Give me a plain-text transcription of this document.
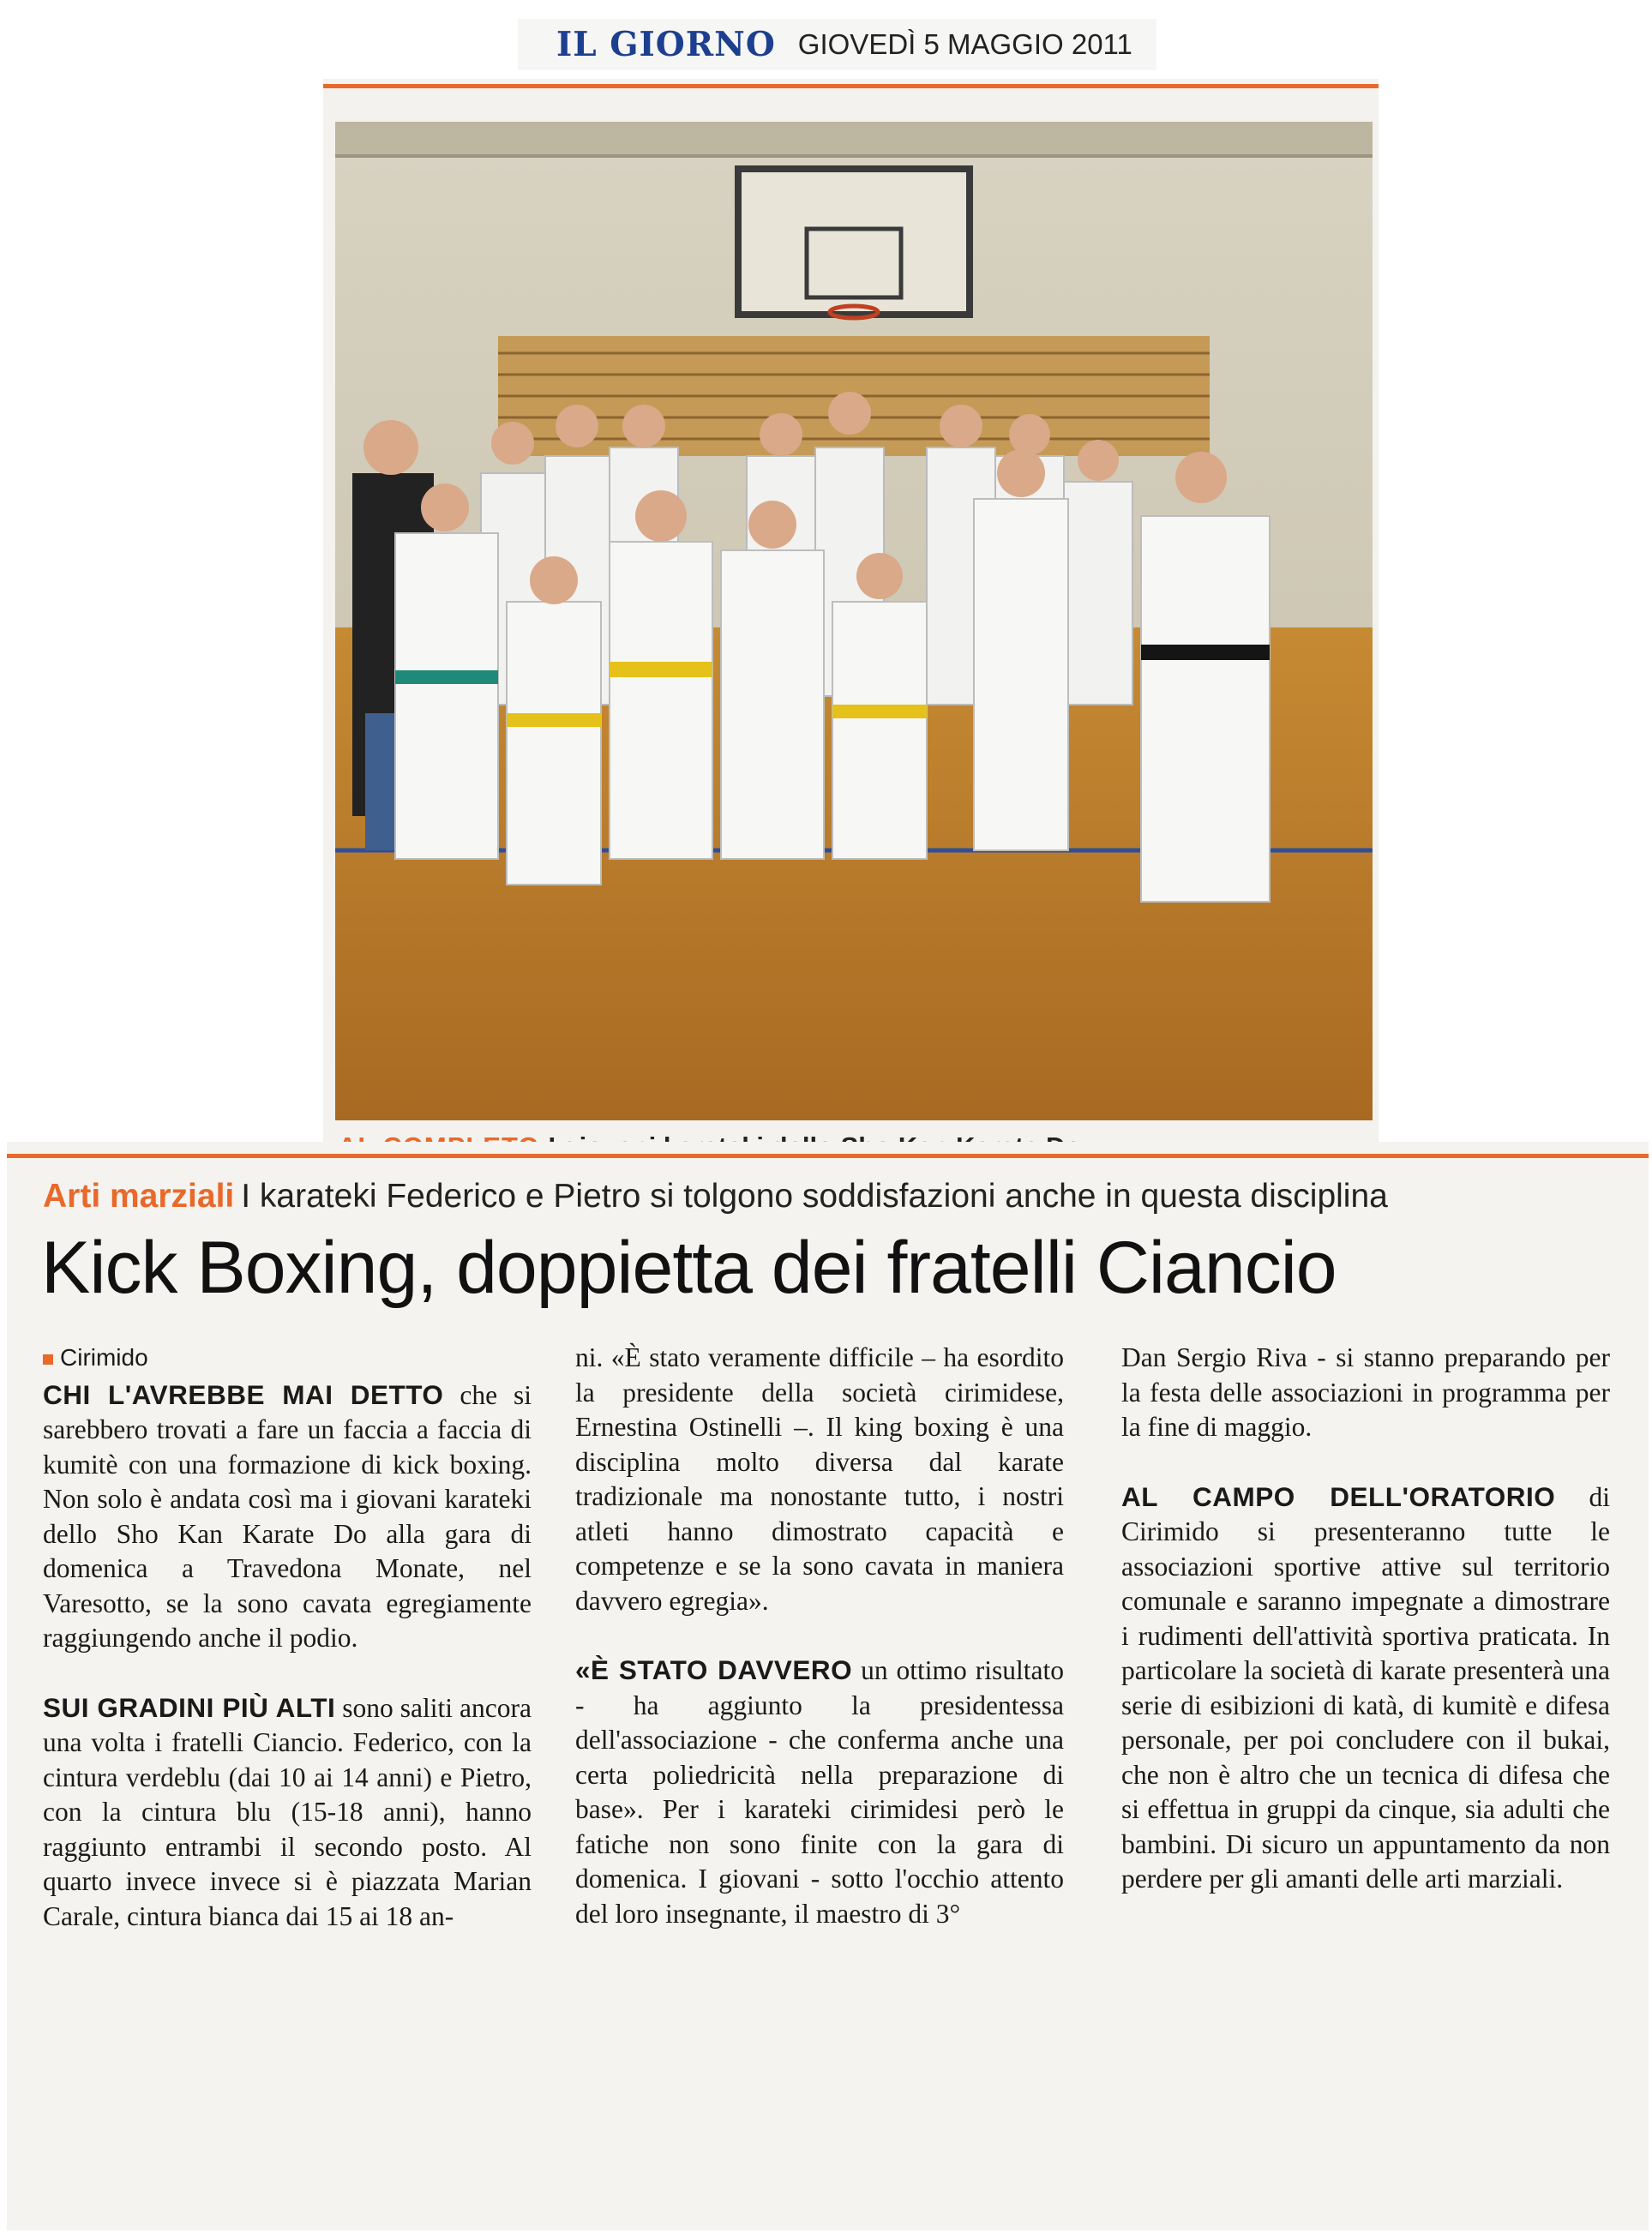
IL GIORNO GIOVEDÌ 5 MAGGIO 2011
Arti marziali I karateki Federico e Pietro si tolgono soddisfazioni anche in questa disciplina
Kick Boxing, doppietta dei fratelli Ciancio
Cirimido

CHI L'AVREBBE MAI DETTO che si sarebbero trovati a fare un faccia a faccia di kumitè con una formazione di kick boxing. Non solo è andata così ma i giovani karateki dello Sho Kan Karate Do alla gara di domenica a Travedona Monate, nel Varesotto, se la sono cavata egregiamente raggiungendo anche il podio.

SUI GRADINI PIÙ ALTI sono saliti ancora una volta i fratelli Ciancio. Federico, con la cintura verdeblu (dai 10 ai 14 anni) e Pietro, con la cintura blu (15-18 anni), hanno raggiunto entrambi il secondo posto. Al quarto invece invece si è piazzata Marian Carale, cintura bianca dai 15 ai 18 an-

ni. «È stato veramente difficile – ha esordito la presidente della società cirimidese, Ernestina Ostinelli –. Il king boxing è una disciplina molto diversa dal karate tradizionale ma nonostante tutto, i nostri atleti hanno dimostrato capacità e competenze e se la sono cavata in maniera davvero egregia».

«È STATO DAVVERO un ottimo risultato - ha aggiunto la presidentessa dell'associazione - che conferma anche una certa poliedricità nella preparazione di base». Per i karateki cirimidesi però le fatiche non sono finite con la gara di domenica. I giovani - sotto l'occhio attento del loro insegnante, il maestro di 3°

Dan Sergio Riva - si stanno preparando per la festa delle associazioni in programma per la fine di maggio.

AL CAMPO DELL'ORATORIO di Cirimido si presenteranno tutte le associazioni sportive attive sul territorio comunale e saranno impegnate a dimostrare i rudimenti dell'attività sportiva praticata. In particolare la società di karate presenterà una serie di esibizioni di katà, di kumitè e difesa personale, per poi concludere con il bukai, che non è altro che un tecnica di difesa che si effettua in gruppi da cinque, sia adulti che bambini. Di sicuro un appuntamento da non perdere per gli amanti delle arti marziali.
